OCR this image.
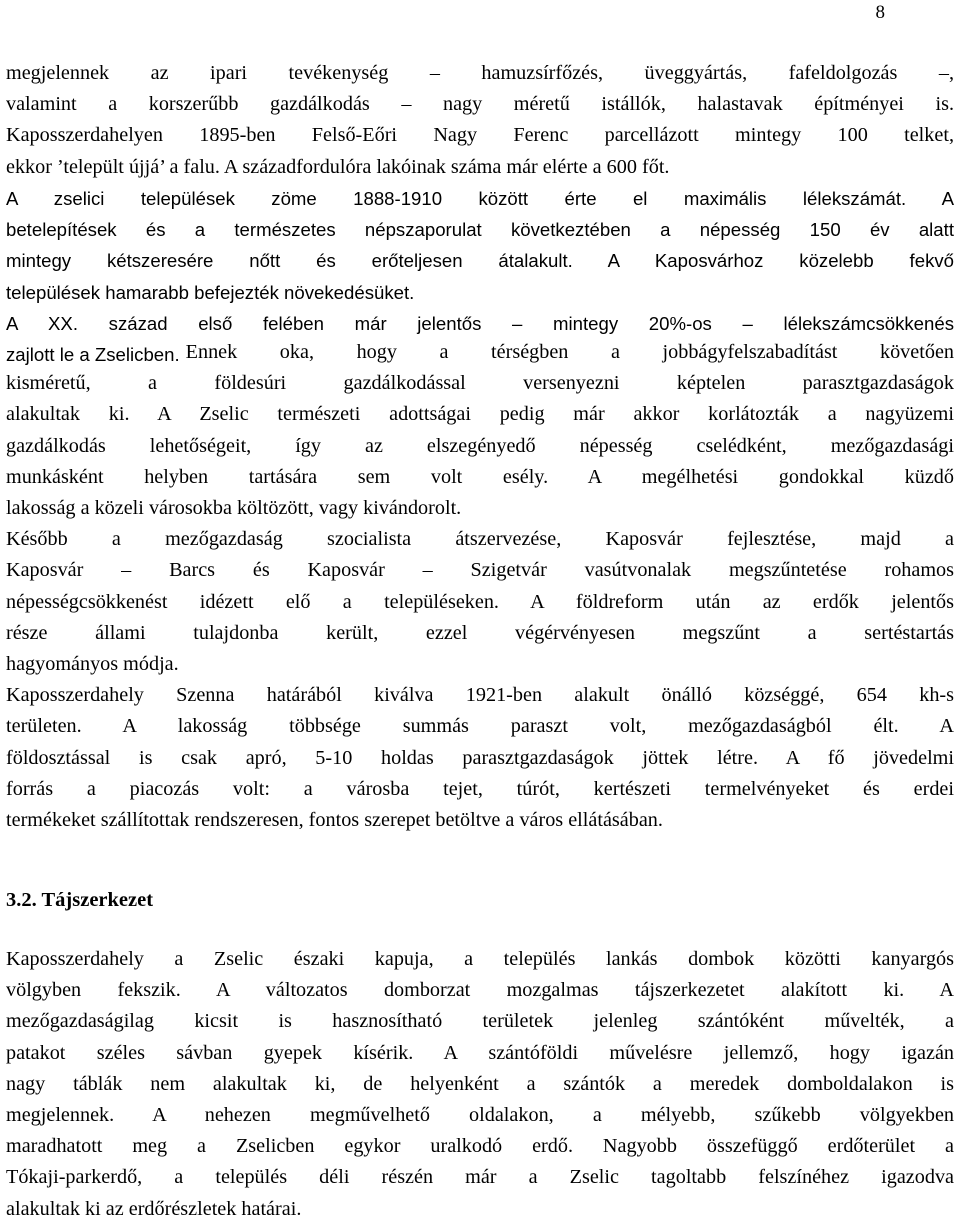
8
megjelennek az ipari tevékenység – hamuzsírfőzés, üveggyártás, fafeldolgozás –,
valamint a korszerűbb gazdálkodás – nagy méretű istállók, halastavak építményei is.
Kaposszerdahelyen 1895-ben Felső-Eőri Nagy Ferenc parcellázott mintegy 100 telket,
ekkor ’települt újjá’ a falu. A századfordulóra lakóinak száma már elérte a 600 főt.
A zselici települések zöme 1888-1910 között érte el maximális lélekszámát. A
betelepítések és a természetes népszaporulat következtében a népesség 150 év alatt
mintegy kétszeresére nőtt és erőteljesen átalakult. A Kaposvárhoz közelebb fekvő
települések hamarabb befejezték növekedésüket.
A XX. század első felében már jelentős – mintegy 20%-os – lélekszámcsökkenés
zajlott le a Zselicben. Ennek oka, hogy a térségben a jobbágyfelszabadítást követően
kisméretű, a földesúri gazdálkodással versenyezni képtelen parasztgazdaságok
alakultak ki. A Zselic természeti adottságai pedig már akkor korlátozták a nagyüzemi
gazdálkodás lehetőségeit, így az elszegényedő népesség cselédként, mezőgazdasági
munkásként helyben tartására sem volt esély. A megélhetési gondokkal küzdő
lakosság a közeli városokba költözött, vagy kivándorolt.
Később a mezőgazdaság szocialista átszervezése, Kaposvár fejlesztése, majd a
Kaposvár – Barcs és Kaposvár – Szigetvár vasútvonalak megszűntetése rohamos
népességcsökkenést idézett elő a településeken. A földreform után az erdők jelentős
része állami tulajdonba került, ezzel végérvényesen megszűnt a sertéstartás
hagyományos módja.
Kaposszerdahely Szenna határából kiválva 1921-ben alakult önálló községgé, 654 kh-s
területen. A lakosság többsége summás paraszt volt, mezőgazdaságból élt. A
földosztással is csak apró, 5-10 holdas parasztgazdaságok jöttek létre. A fő jövedelmi
forrás a piacozás volt: a városba tejet, túrót, kertészeti termelvényeket és erdei
termékeket szállítottak rendszeresen, fontos szerepet betöltve a város ellátásában.
3.2. Tájszerkezet
Kaposszerdahely a Zselic északi kapuja, a település lankás dombok közötti kanyargós
völgyben fekszik. A változatos domborzat mozgalmas tájszerkezetet alakított ki. A
mezőgazdaságilag kicsit is hasznosítható területek jelenleg szántóként művelték, a
patakot széles sávban gyepek kísérik. A szántóföldi művelésre jellemző, hogy igazán
nagy táblák nem alakultak ki, de helyenként a szántók a meredek domboldalakon is
megjelennek. A nehezen megművelhető oldalakon, a mélyebb, szűkebb völgyekben
maradhatott meg a Zselicben egykor uralkodó erdő. Nagyobb összefüggő erdőterület a
Tókaji-parkerdő, a település déli részén már a Zselic tagoltabb felszínéhez igazodva
alakultak ki az erdőrészletek határai.
